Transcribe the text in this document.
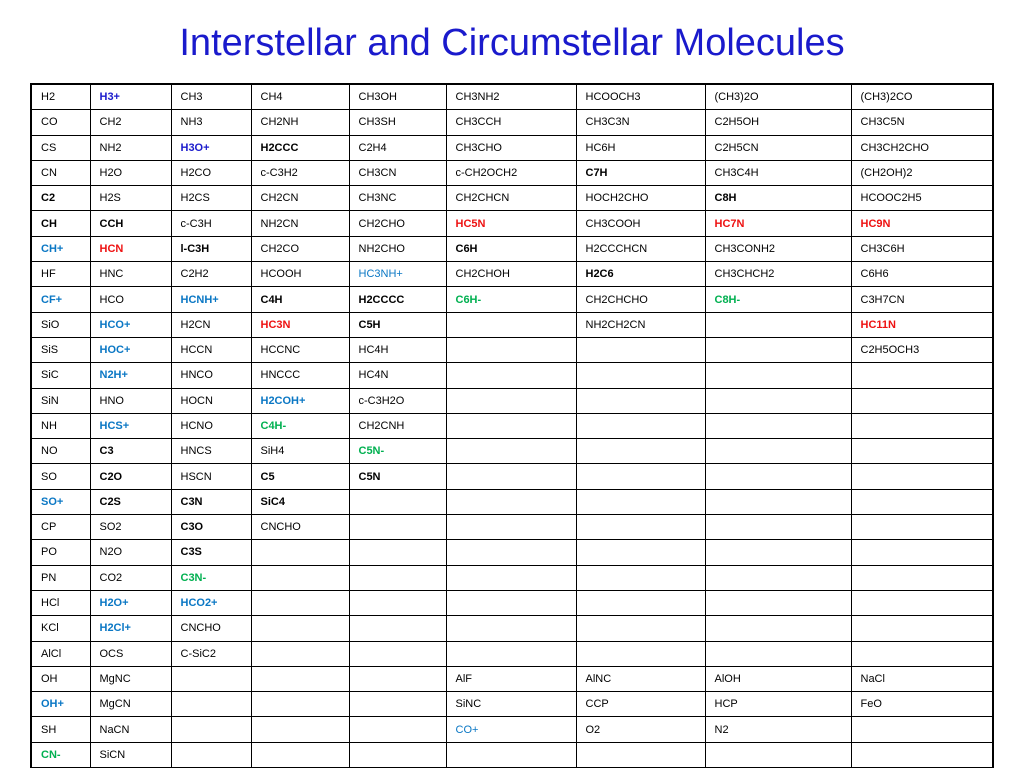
Interstellar and Circumstellar Molecules
H2	H3+	CH3	CH4	CH3OH	CH3NH2	HCOOCH3	(CH3)2O	(CH3)2CO
CO	CH2	NH3	CH2NH	CH3SH	CH3CCH	CH3C3N	C2H5OH	CH3C5N
CS	NH2	H3O+	H2CCC	C2H4	CH3CHO	HC6H	C2H5CN	CH3CH2CHO
CN	H2O	H2CO	c-C3H2	CH3CN	c-CH2OCH2	C7H	CH3C4H	(CH2OH)2
C2	H2S	H2CS	CH2CN	CH3NC	CH2CHCN	HOCH2CHO	C8H	HCOOC2H5
CH	CCH	c-C3H	NH2CN	CH2CHO	HC5N	CH3COOH	HC7N	HC9N
CH+	HCN	l-C3H	CH2CO	NH2CHO	C6H	H2CCCHCN	CH3CONH2	CH3C6H
HF	HNC	C2H2	HCOOH	HC3NH+	CH2CHOH	H2C6	CH3CHCH2	C6H6
CF+	HCO	HCNH+	C4H	H2CCCC	C6H-	CH2CHCHO	C8H-	C3H7CN
SiO	HCO+	H2CN	HC3N	C5H		NH2CH2CN		HC11N
SiS	HOC+	HCCN	HCCNC	HC4H				C2H5OCH3
SiC	N2H+	HNCO	HNCCC	HC4N				
SiN	HNO	HOCN	H2COH+	c-C3H2O				
NH	HCS+	HCNO	C4H-	CH2CNH				
NO	C3	HNCS	SiH4	C5N-				
SO	C2O	HSCN	C5	C5N				
SO+	C2S	C3N	SiC4					
CP	SO2	C3O	CNCHO					
PO	N2O	C3S						
PN	CO2	C3N-						
HCl	H2O+	HCO2+						
KCl	H2Cl+	CNCHO						
AlCl	OCS	C-SiC2						
OH	MgNC				AlF	AlNC	AlOH	NaCl
OH+	MgCN				SiNC	CCP	HCP	FeO
SH	NaCN				CO+	O2	N2	
CN-	SiCN							
